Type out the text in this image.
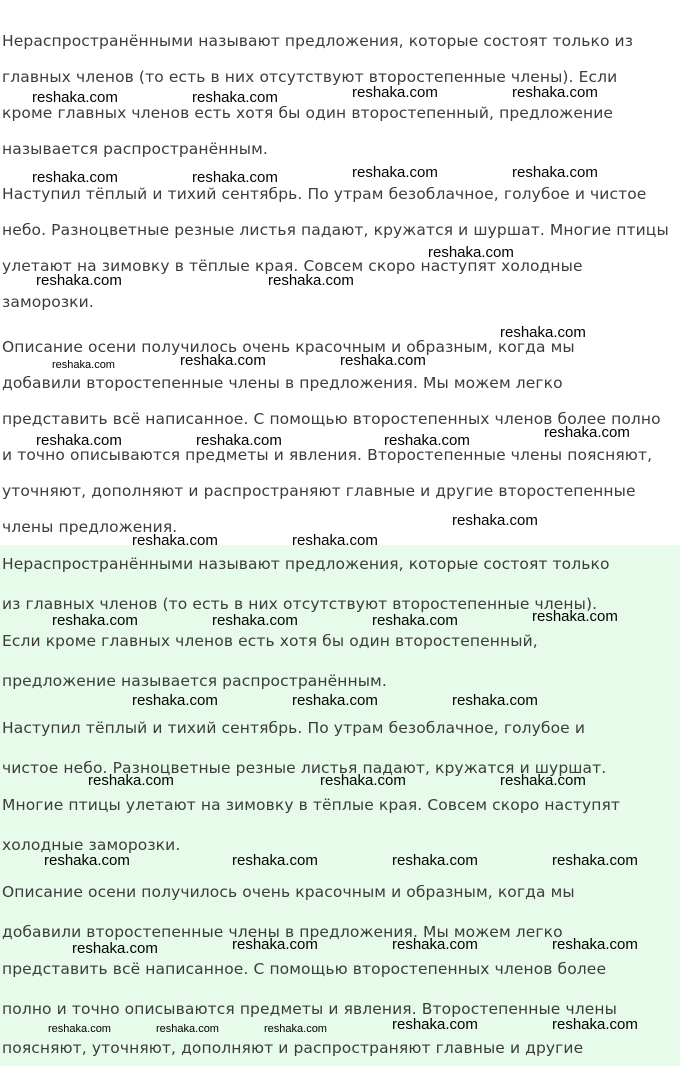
Нераспространёнными называют предложения, которые состоят только из
главных членов (то есть в них отсутствуют второстепенные члены). Если
кроме главных членов есть хотя бы один второстепенный, предложение
называется распространённым.
Наступил тёплый и тихий сентябрь. По утрам безоблачное, голубое и чистое
небо. Разноцветные резные листья падают, кружатся и шуршат. Многие птицы
улетают на зимовку в тёплые края. Совсем скоро наступят холодные
заморозки.
Описание осени получилось очень красочным и образным, когда мы
добавили второстепенные члены в предложения. Мы можем легко
представить всё написанное. С помощью второстепенных членов более полно
и точно описываются предметы и явления. Второстепенные члены поясняют,
уточняют, дополняют и распространяют главные и другие второстепенные
члены предложения.
Нераспространёнными называют предложения, которые состоят только
из главных членов (то есть в них отсутствуют второстепенные члены).
Если кроме главных членов есть хотя бы один второстепенный,
предложение называется распространённым.
Наступил тёплый и тихий сентябрь. По утрам безоблачное, голубое и
чистое небо. Разноцветные резные листья падают, кружатся и шуршат.
Многие птицы улетают на зимовку в тёплые края. Совсем скоро наступят
холодные заморозки.
Описание осени получилось очень красочным и образным, когда мы
добавили второстепенные члены в предложения. Мы можем легко
представить всё написанное. С помощью второстепенных членов более
полно и точно описываются предметы и явления. Второстепенные члены
поясняют, уточняют, дополняют и распространяют главные и другие
reshaka.com	reshaka.com
reshaka.com	reshaka.com
reshaka.com	reshaka.com	reshaka.com	reshaka.com
reshaka.com
reshaka.com	reshaka.com
reshaka.com
reshaka.com	reshaka.com	reshaka.com
reshaka.com
reshaka.com	reshaka.com	reshaka.com
reshaka.com
reshaka.com	reshaka.com
reshaka.com
reshaka.com	reshaka.com	reshaka.com
reshaka.com	reshaka.com	reshaka.com
reshaka.com	reshaka.com	reshaka.com
reshaka.com	reshaka.com	reshaka.com	reshaka.com
reshaka.com	reshaka.com	reshaka.com
reshaka.com
reshaka.com	reshaka.com	reshaka.com	reshaka.com	reshaka.com
